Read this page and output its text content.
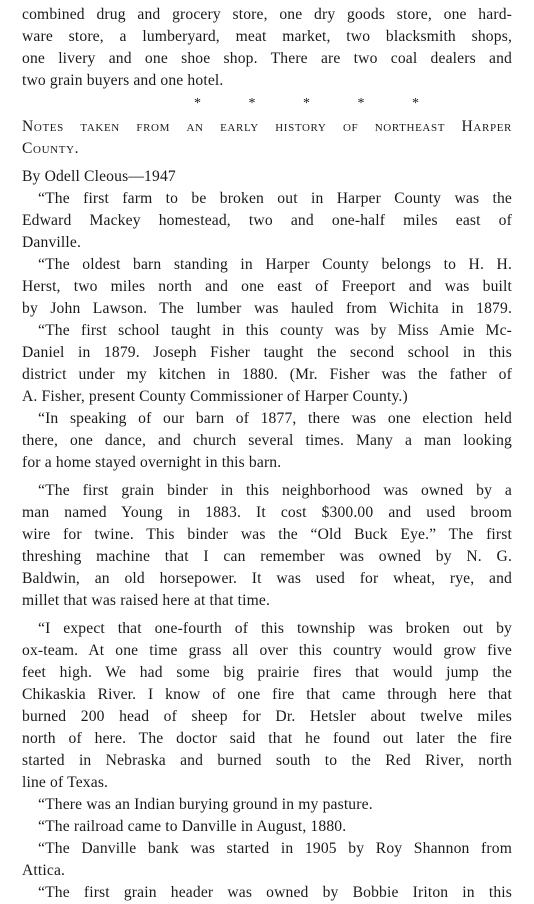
combined drug and grocery store, one dry goods store, one hard-
ware store, a lumberyard, meat market, two blacksmith shops,
one livery and one shoe shop. There are two coal dealers and
two grain buyers and one hotel.
* * * * *
Notes taken from an early history of northeast Harper
County.
By Odell Cleous—1947
“The first farm to be broken out in Harper County was the
Edward Mackey homestead, two and one-half miles east of
Danville.
“The oldest barn standing in Harper County belongs to H. H.
Herst, two miles north and one east of Freeport and was built
by John Lawson. The lumber was hauled from Wichita in 1879.
“The first school taught in this county was by Miss Amie Mc-
Daniel in 1879. Joseph Fisher taught the second school in this
district under my kitchen in 1880. (Mr. Fisher was the father of
A. Fisher, present County Commissioner of Harper County.)
“In speaking of our barn of 1877, there was one election held
there, one dance, and church several times. Many a man looking
for a home stayed overnight in this barn.
“The first grain binder in this neighborhood was owned by a
man named Young in 1883. It cost $300.00 and used broom
wire for twine. This binder was the “Old Buck Eye.” The first
threshing machine that I can remember was owned by N. G.
Baldwin, an old horsepower. It was used for wheat, rye, and
millet that was raised here at that time.
“I expect that one-fourth of this township was broken out by
ox-team. At one time grass all over this country would grow five
feet high. We had some big prairie fires that would jump the
Chikaskia River. I know of one fire that came through here that
burned 200 head of sheep for Dr. Hetsler about twelve miles
north of here. The doctor said that he found out later the fire
started in Nebraska and burned south to the Red River, north
line of Texas.
“There was an Indian burying ground in my pasture.
“The railroad came to Danville in August, 1880.
“The Danville bank was started in 1905 by Roy Shannon from
Attica.
“The first grain header was owned by Bobbie Iriton in this
